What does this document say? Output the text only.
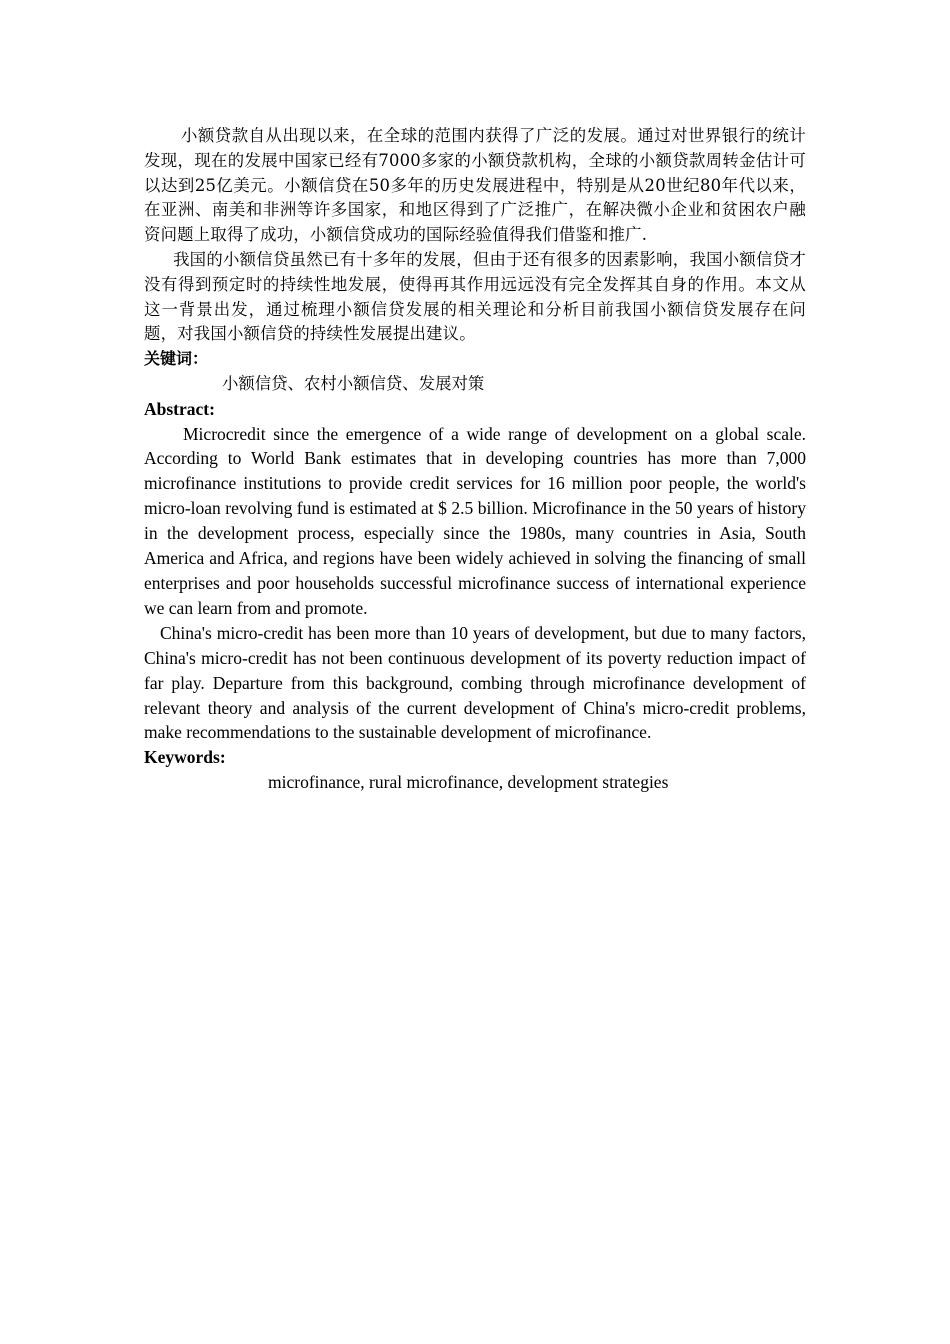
小额贷款自从出现以来，在全球的范围内获得了广泛的发展。通过对世界银行的统计发现，现在的发展中国家已经有7000多家的小额贷款机构，全球的小额贷款周转金估计可以达到25亿美元。小额信贷在50多年的历史发展进程中，特别是从20世纪80年代以来，在亚洲、南美和非洲等许多国家，和地区得到了广泛推广，在解决微小企业和贫困农户融资问题上取得了成功，小额信贷成功的国际经验值得我们借鉴和推广.

我国的小额信贷虽然已有十多年的发展，但由于还有很多的因素影响，我国小额信贷才没有得到预定时的持续性地发展，使得再其作用远远没有完全发挥其自身的作用。本文从这一背景出发，通过梳理小额信贷发展的相关理论和分析目前我国小额信贷发展存在问题，对我国小额信贷的持续性发展提出建议。

关键词：

小额信贷、农村小额信贷、发展对策

Abstract:

Microcredit since the emergence of a wide range of development on a global scale. According to World Bank estimates that in developing countries has more than 7,000 microfinance institutions to provide credit services for 16 million poor people, the world's micro-loan revolving fund is estimated at $ 2.5 billion. Microfinance in the 50 years of history in the development process, especially since the 1980s, many countries in Asia, South America and Africa, and regions have been widely achieved in solving the financing of small enterprises and poor households successful microfinance success of international experience we can learn from and promote.

China's micro-credit has been more than 10 years of development, but due to many factors, China's micro-credit has not been continuous development of its poverty reduction impact of far play. Departure from this background, combing through microfinance development of relevant theory and analysis of the current development of China's micro-credit problems, make recommendations to the sustainable development of microfinance.

Keywords:

microfinance, rural microfinance, development strategies
